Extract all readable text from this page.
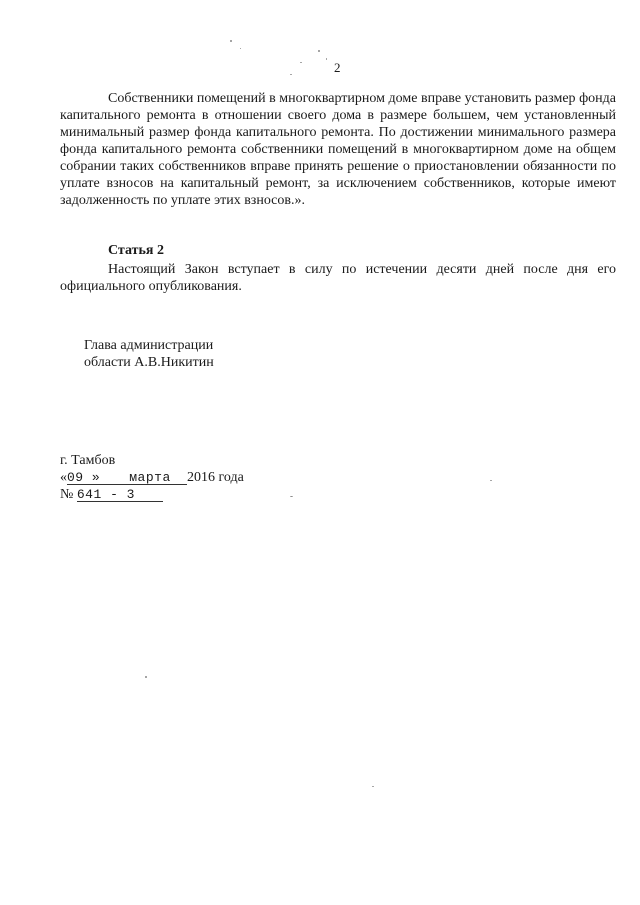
2

Собственники помещений в многоквартирном доме вправе установить размер фонда капитального ремонта в отношении своего дома в размере большем, чем установленный минимальный размер фонда капитального ремонта. По достижении минимального размера фонда капитального ремонта собственники помещений в многоквартирном доме на общем собрании таких собственников вправе принять решение о приостановлении обязанности по уплате взносов на капитальный ремонт, за исключением собственников, которые имеют задолженность по уплате этих взносов.».

Статья 2

Настоящий Закон вступает в силу по истечении десяти дней после дня его официального опубликования.

Глава администрации
области А.В.Никитин
г. Тамбов
«09 » марта 2016 года
№ 641 - 3
